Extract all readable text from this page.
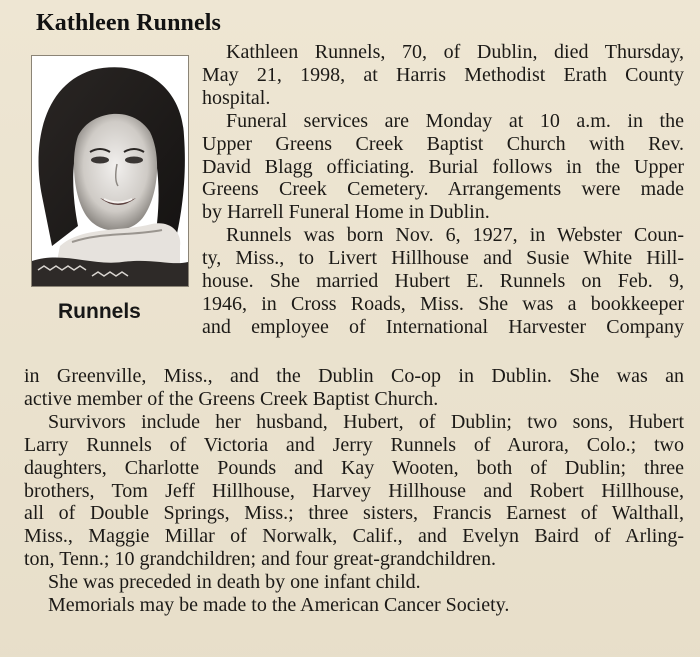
Kathleen Runnels
Runnels
Kathleen Runnels, 70, of Dublin, died Thursday,
May 21, 1998, at Harris Methodist Erath County
hospital.
Funeral services are Monday at 10 a.m. in the
Upper Greens Creek Baptist Church with Rev.
David Blagg officiating. Burial follows in the Upper
Greens Creek Cemetery. Arrangements were made
by Harrell Funeral Home in Dublin.
Runnels was born Nov. 6, 1927, in Webster Coun-
ty, Miss., to Livert Hillhouse and Susie White Hill-
house. She married Hubert E. Runnels on Feb. 9,
1946, in Cross Roads, Miss. She was a bookkeeper
and employee of International Harvester Company
in Greenville, Miss., and the Dublin Co-op in Dublin. She was an
active member of the Greens Creek Baptist Church.
Survivors include her husband, Hubert, of Dublin; two sons, Hubert
Larry Runnels of Victoria and Jerry Runnels of Aurora, Colo.; two
daughters, Charlotte Pounds and Kay Wooten, both of Dublin; three
brothers, Tom Jeff Hillhouse, Harvey Hillhouse and Robert Hillhouse,
all of Double Springs, Miss.; three sisters, Francis Earnest of Walthall,
Miss., Maggie Millar of Norwalk, Calif., and Evelyn Baird of Arling-
ton, Tenn.; 10 grandchildren; and four great-grandchildren.
She was preceded in death by one infant child.
Memorials may be made to the American Cancer Society.
